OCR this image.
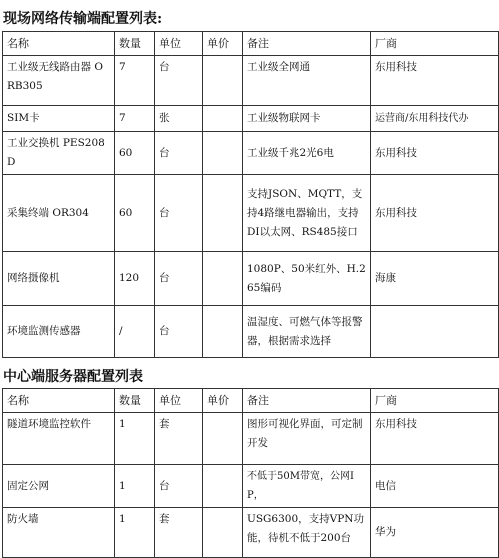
现场网络传输端配置列表:
名称	数量	单位	单价	备注	厂商
工业级无线路由器 ORB305	7	台		工业级全网通	东用科技
SIM卡	7	张		工业级物联网卡	运营商/东用科技代办
工业交换机 PES208D	60	台		工业级千兆2光6电	东用科技
采集终端 OR304	60	台		支持JSON、MQTT，支持4路继电器输出，支持DI以太网、RS485接口	东用科技
网络摄像机	120	台		1080P、50米红外、H.265编码	海康
环境监测传感器	/	台		温湿度、可燃气体等报警器，根据需求选择	
中心端服务器配置列表
名称	数量	单位	单价	备注	厂商
隧道环境监控软件	1	套		图形可视化界面，可定制开发	东用科技
固定公网	1	台		不低于50M带宽，公网IP，	电信
防火墙	1	套		USG6300，支持VPN功能，待机不低于200台	华为
